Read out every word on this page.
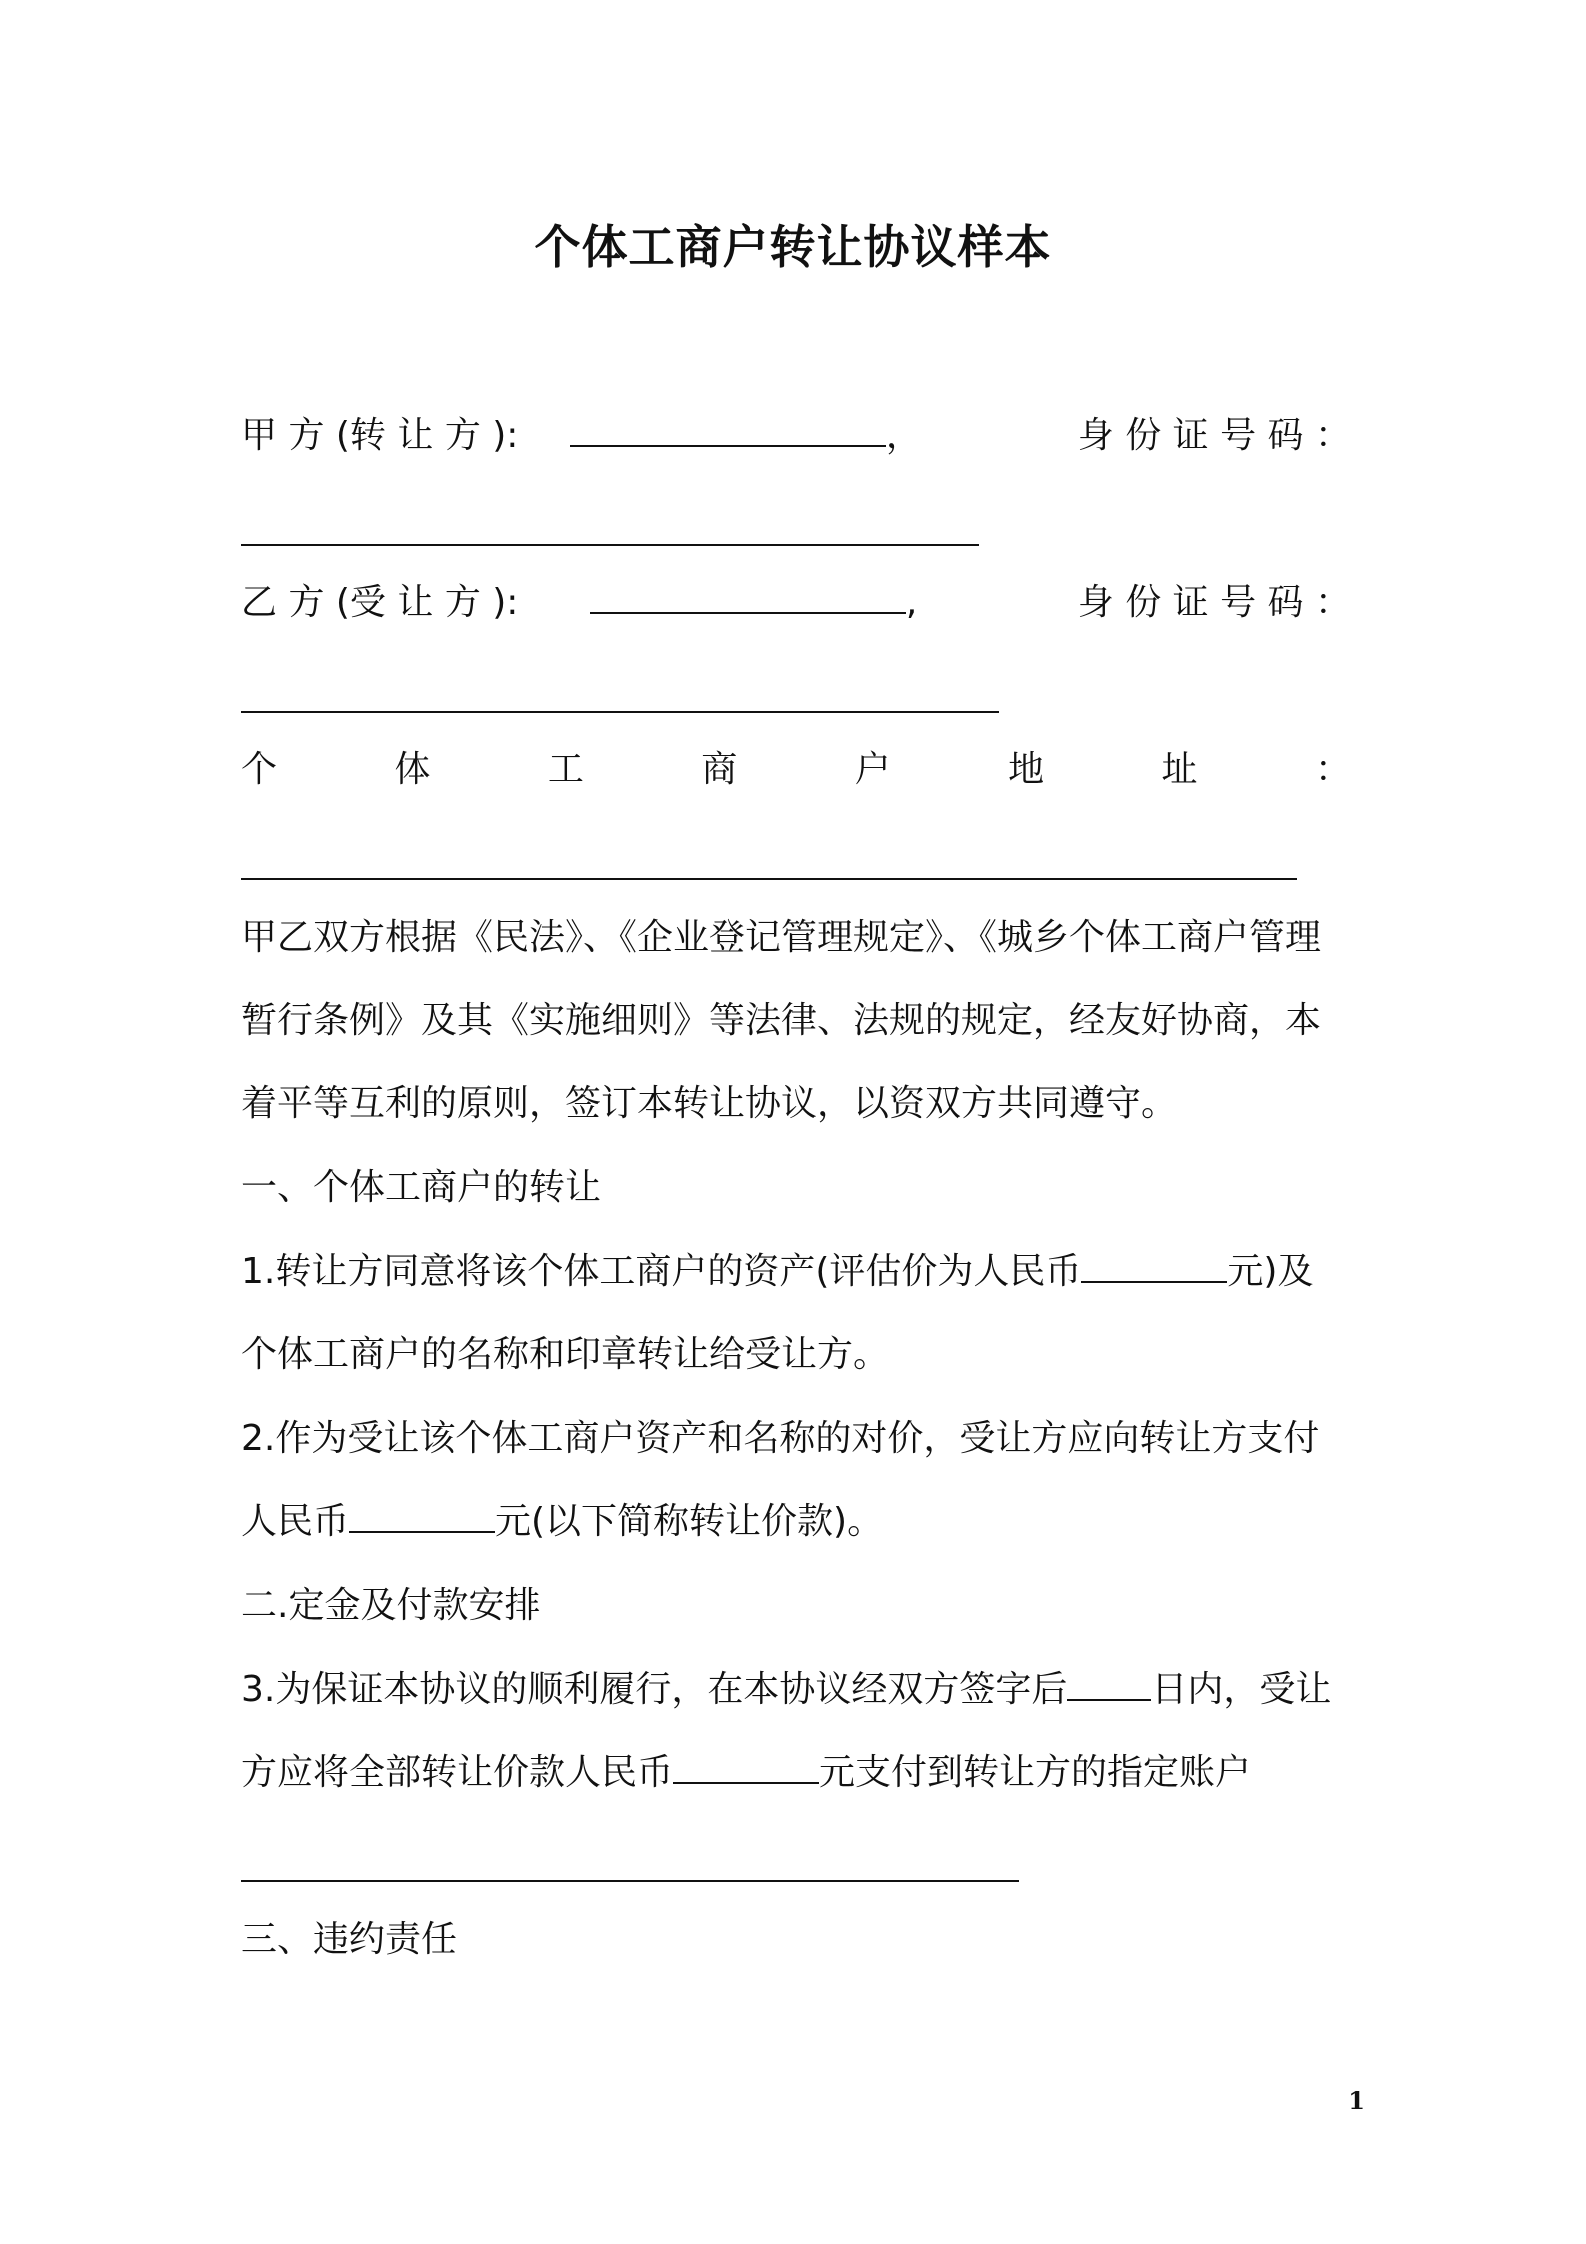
个体工商户转让协议样本
甲 方 (转 让 方 ):	，	身 份 证 号 码 ：
乙 方 (受 让 方 ):	,	身 份 证 号 码 ：
个	体	工	商	户	地	址	：
甲乙双方根据《民法》、《企业登记管理规定》、《城乡个体工商户管理
暂行条例》及其《实施细则》等法律、法规的规定，经友好协商，本
着平等互利的原则，签订本转让协议，以资双方共同遵守。
一、个体工商户的转让
1.转让方同意将该个体工商户的资产(评估价为人民币	元)及
个体工商户的名称和印章转让给受让方。
2.作为受让该个体工商户资产和名称的对价，受让方应向转让方支付
人民币	元(以下简称转让价款)。
二.定金及付款安排
3.为保证本协议的顺利履行，在本协议经双方签字后 日内，受让
方应将全部转让价款人民币	元支付到转让方的指定账户
三、违约责任
1
